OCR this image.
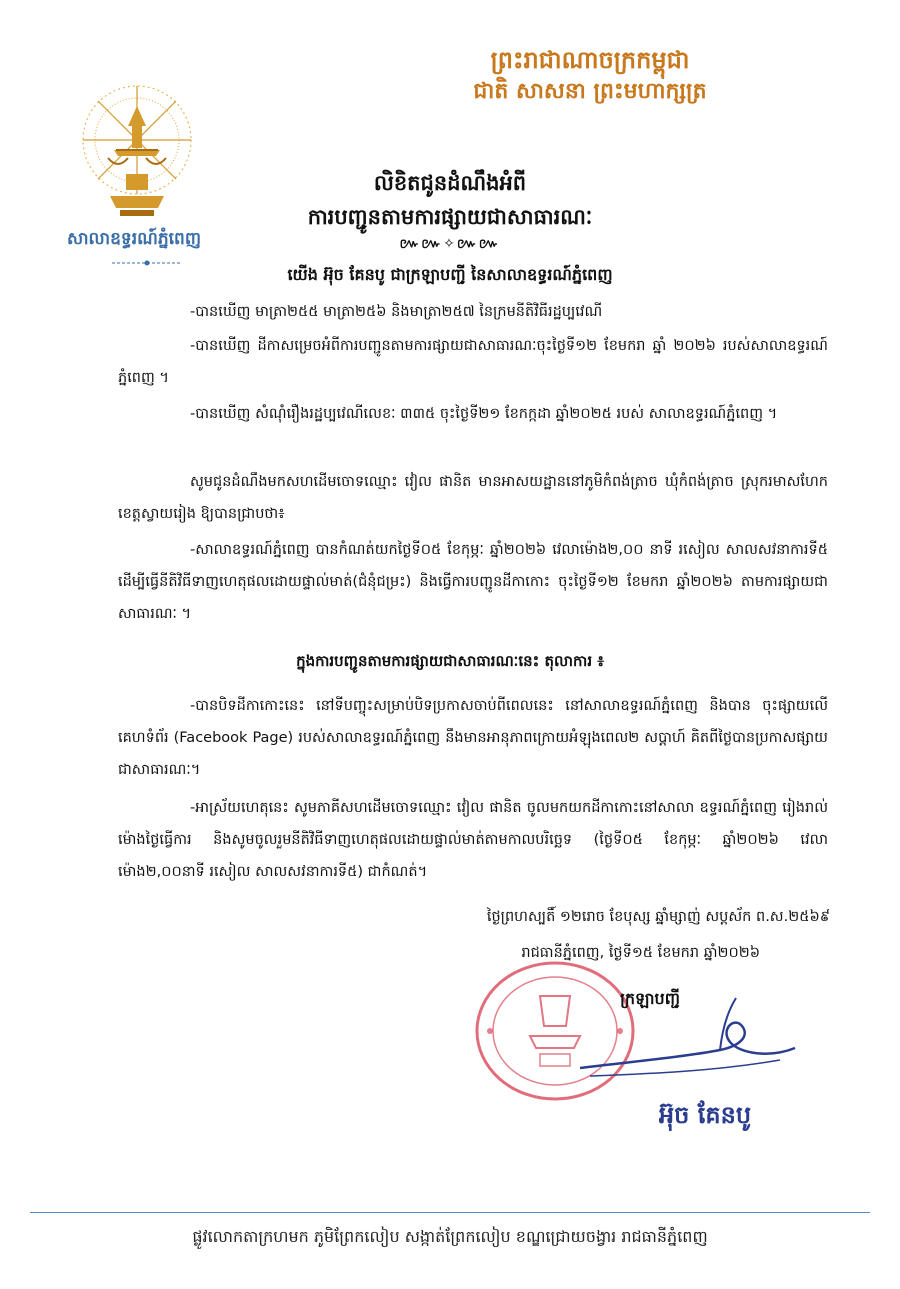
ព្រះរាជាណាចក្រកម្ពុជា
ជាតិ សាសនា ព្រះមហាក្សត្រ
សាលាឧទ្ធរណ៍ភ្នំពេញ
លិខិតជូនដំណឹងអំពី
ការបញ្ជូនតាមការផ្សាយជាសាធារណៈ
៚៚✧៚៚
យើង អ៊ុច គែនបូ ជាក្រឡាបញ្ជី នៃសាលាឧទ្ធរណ៍ភ្នំពេញ
-បានឃើញ មាត្រា២៥៥ មាត្រា២៥៦ និងមាត្រា២៥៧ នៃក្រមនីតិវិធីរដ្ឋប្បវេណី
-បានឃើញ ដីកាសម្រេចអំពីការបញ្ជូនតាមការផ្សាយជាសាធារណៈចុះថ្ងៃទី១២ ខែមករា ឆ្នាំ ២០២៦ របស់សាលាឧទ្ធរណ៍ភ្នំពេញ ។
-បានឃើញ សំណុំរឿងរដ្ឋប្បវេណីលេខៈ ៣៣៥ ចុះថ្ងៃទី២១ ខែកក្កដា ឆ្នាំ២០២៥ របស់ សាលាឧទ្ធរណ៍ភ្នំពេញ ។
សូមជូនដំណឹងមកសហដើមចោទឈ្មោះ វៀល ផានិត មានអាសយដ្ឋាននៅភូមិកំពង់ត្រាច ឃុំកំពង់ត្រាច ស្រុករមាសហែក ខេត្តស្វាយរៀង ឱ្យបានជ្រាបថា៖
-សាលាឧទ្ធរណ៍ភ្នំពេញ បានកំណត់យកថ្ងៃទី០៥ ខែកុម្ភៈ ឆ្នាំ២០២៦ វេលាម៉ោង២,០០ នាទី រសៀល សាលសវនាការទី៥ ដើម្បីធ្វើនីតិវិធីទាញហេតុផលដោយផ្ទាល់មាត់(ជំនុំជម្រះ) និងធ្វើការបញ្ជូនដីកាកោះ ចុះថ្ងៃទី១២ ខែមករា ឆ្នាំ២០២៦ តាមការផ្សាយជាសាធារណៈ ។
ក្នុងការបញ្ជូនតាមការផ្សាយជាសាធារណៈនេះ តុលាការ ៖
-បានបិទដីកាកោះនេះ នៅទីបញ្ចុះសម្រាប់បិទប្រកាសចាប់ពីពេលនេះ នៅសាលាឧទ្ធរណ៍ភ្នំពេញ និងបាន ចុះផ្សាយលើគេហទំព័រ (Facebook Page) របស់សាលាឧទ្ធរណ៍ភ្នំពេញ នឹងមានអានុភាពក្រោយអំឡុងពេល២ សប្ដាហ៍ គិតពីថ្ងៃបានប្រកាសផ្សាយជាសាធារណៈ។
-អាស្រ័យហេតុនេះ សូមភាគីសហដើមចោទឈ្មោះ វៀល ផានិត ចូលមកយកដីកាកោះនៅសាលា ឧទ្ធរណ៍ភ្នំពេញ រៀងរាល់ម៉ោងថ្ងៃធ្វើការ និងសូមចូលរួមនីតិវិធីទាញហេតុផលដោយផ្ទាល់មាត់តាមកាលបរិច្ឆេទ (ថ្ងៃទី០៥ ខែកុម្ភៈ ឆ្នាំ២០២៦ វេលាម៉ោង២,០០នាទី រសៀល សាលសវនាការទី៥) ជាកំណត់។
ថ្ងៃព្រហស្បតិ៍ ១២រោច ខែបុស្ស ឆ្នាំម្សាញ់ សប្តស័ក ព.ស.២៥៦៩
រាជធានីភ្នំពេញ, ថ្ងៃទី១៥ ខែមករា ឆ្នាំ២០២៦
ក្រឡាបញ្ជី
អ៊ុច គែនបូ
ផ្លូវលោកតាក្រហមក ភូមិព្រែកលៀប សង្កាត់ព្រែកលៀប ខណ្ឌជ្រោយចង្វារ រាជធានីភ្នំពេញ
